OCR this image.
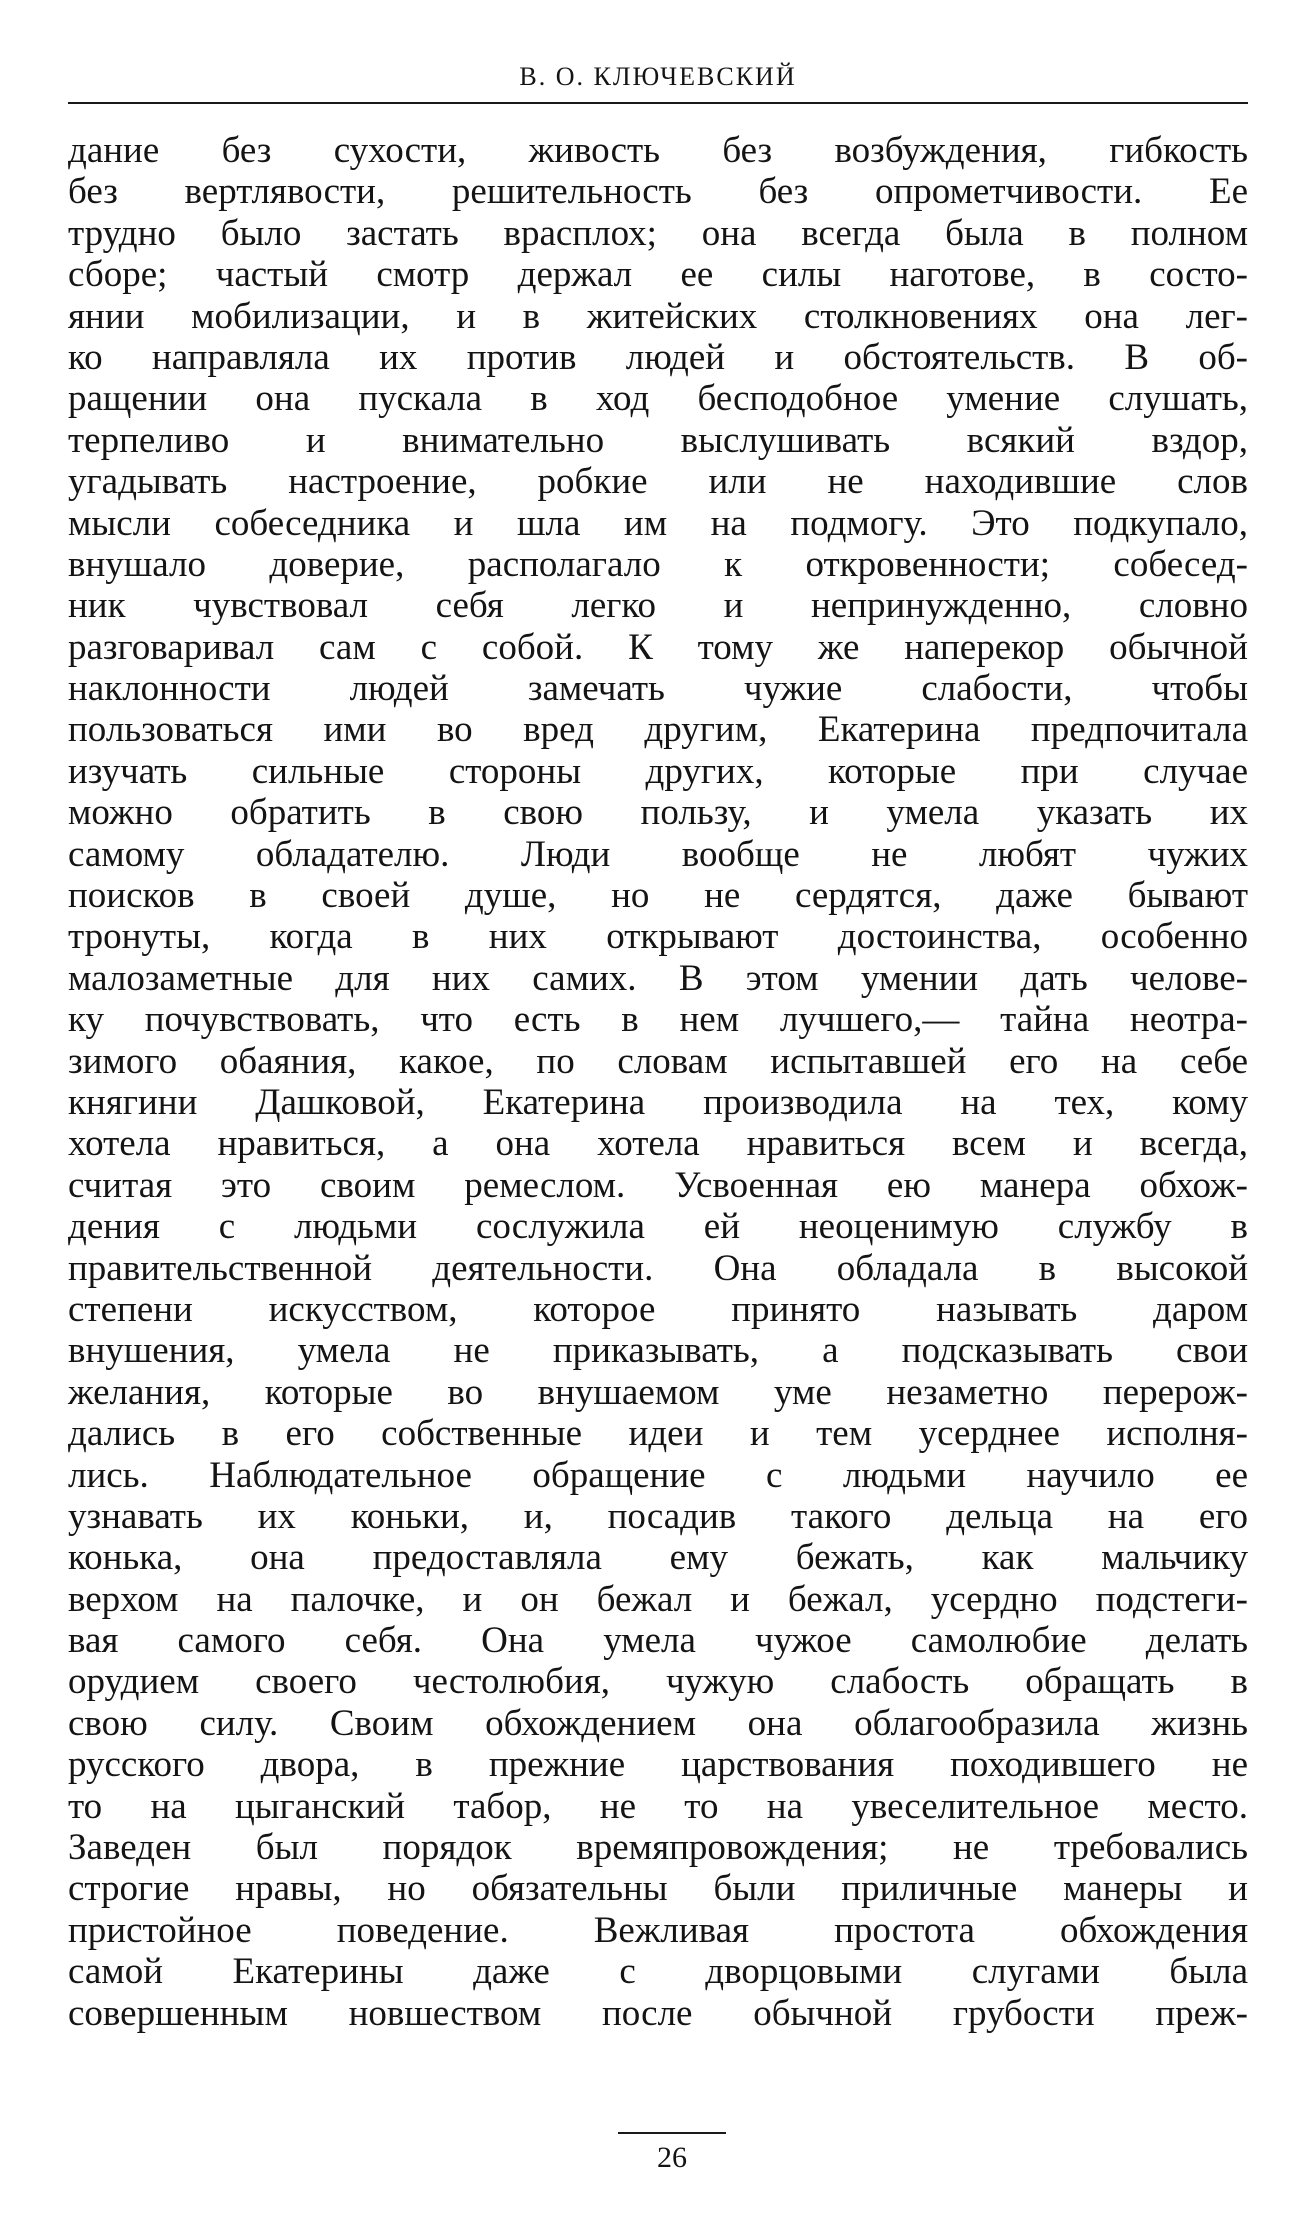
В. О. КЛЮЧЕВСКИЙ
дание без сухости, живость без возбуждения, гибкость
без вертлявости, решительность без опрометчивости. Ее
трудно было застать врасплох; она всегда была в полном
сборе; частый смотр держал ее силы наготове, в состо-
янии мобилизации, и в житейских столкновениях она лег-
ко направляла их против людей и обстоятельств. В об-
ращении она пускала в ход бесподобное умение слушать,
терпеливо и внимательно выслушивать всякий вздор,
угадывать настроение, робкие или не находившие слов
мысли собеседника и шла им на подмогу. Это подкупало,
внушало доверие, располагало к откровенности; собесед-
ник чувствовал себя легко и непринужденно, словно
разговаривал сам с собой. К тому же наперекор обычной
наклонности людей замечать чужие слабости, чтобы
пользоваться ими во вред другим, Екатерина предпочитала
изучать сильные стороны других, которые при случае
можно обратить в свою пользу, и умела указать их
самому обладателю. Люди вообще не любят чужих
поисков в своей душе, но не сердятся, даже бывают
тронуты, когда в них открывают достоинства, особенно
малозаметные для них самих. В этом умении дать челове-
ку почувствовать, что есть в нем лучшего,— тайна неотра-
зимого обаяния, какое, по словам испытавшей его на себе
княгини Дашковой, Екатерина производила на тех, кому
хотела нравиться, а она хотела нравиться всем и всегда,
считая это своим ремеслом. Усвоенная ею манера обхож-
дения с людьми сослужила ей неоценимую службу в
правительственной деятельности. Она обладала в высокой
степени искусством, которое принято называть даром
внушения, умела не приказывать, а подсказывать свои
желания, которые во внушаемом уме незаметно перерож-
дались в его собственные идеи и тем усерднее исполня-
лись. Наблюдательное обращение с людьми научило ее
узнавать их коньки, и, посадив такого дельца на его
конька, она предоставляла ему бежать, как мальчику
верхом на палочке, и он бежал и бежал, усердно подстеги-
вая самого себя. Она умела чужое самолюбие делать
орудием своего честолюбия, чужую слабость обращать в
свою силу. Своим обхождением она облагообразила жизнь
русского двора, в прежние царствования походившего не
то на цыганский табор, не то на увеселительное место.
Заведен был порядок времяпровождения; не требовались
строгие нравы, но обязательны были приличные манеры и
пристойное поведение. Вежливая простота обхождения
самой Екатерины даже с дворцовыми слугами была
совершенным новшеством после обычной грубости преж-
26
